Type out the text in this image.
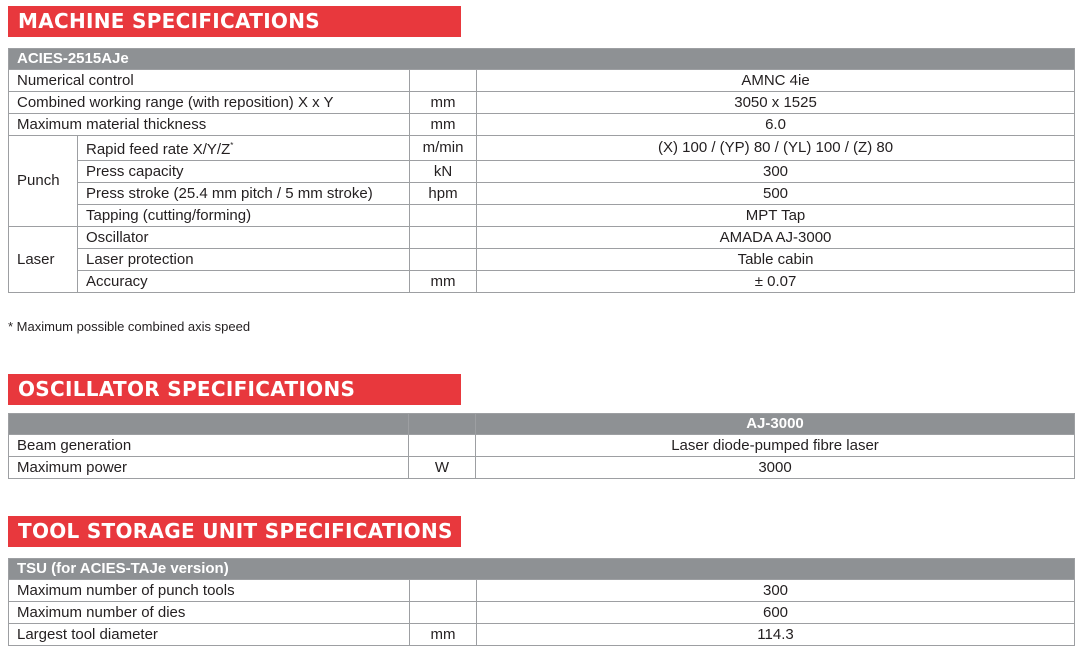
MACHINE SPECIFICATIONS
ACIES-2515AJe			
Numerical control			AMNC 4ie
Combined working range (with reposition) X x Y		mm	3050 x 1525
Maximum material thickness		mm	6.0
Punch	Rapid feed rate X/Y/Z*	m/min	(X) 100 / (YP) 80 / (YL) 100 / (Z) 80
	Press capacity	kN	300
	Press stroke (25.4 mm pitch / 5 mm stroke)	hpm	500
	Tapping (cutting/forming)		MPT Tap
Laser	Oscillator		AMADA AJ-3000
	Laser protection		Table cabin
	Accuracy	mm	± 0.07
* Maximum possible combined axis speed
OSCILLATOR SPECIFICATIONS
		AJ-3000
Beam generation		Laser diode-pumped fibre laser
Maximum power	W	3000
TOOL STORAGE UNIT SPECIFICATIONS
TSU (for ACIES-TAJe version)		
Maximum number of punch tools		300
Maximum number of dies		600
Largest tool diameter	mm	114.3
